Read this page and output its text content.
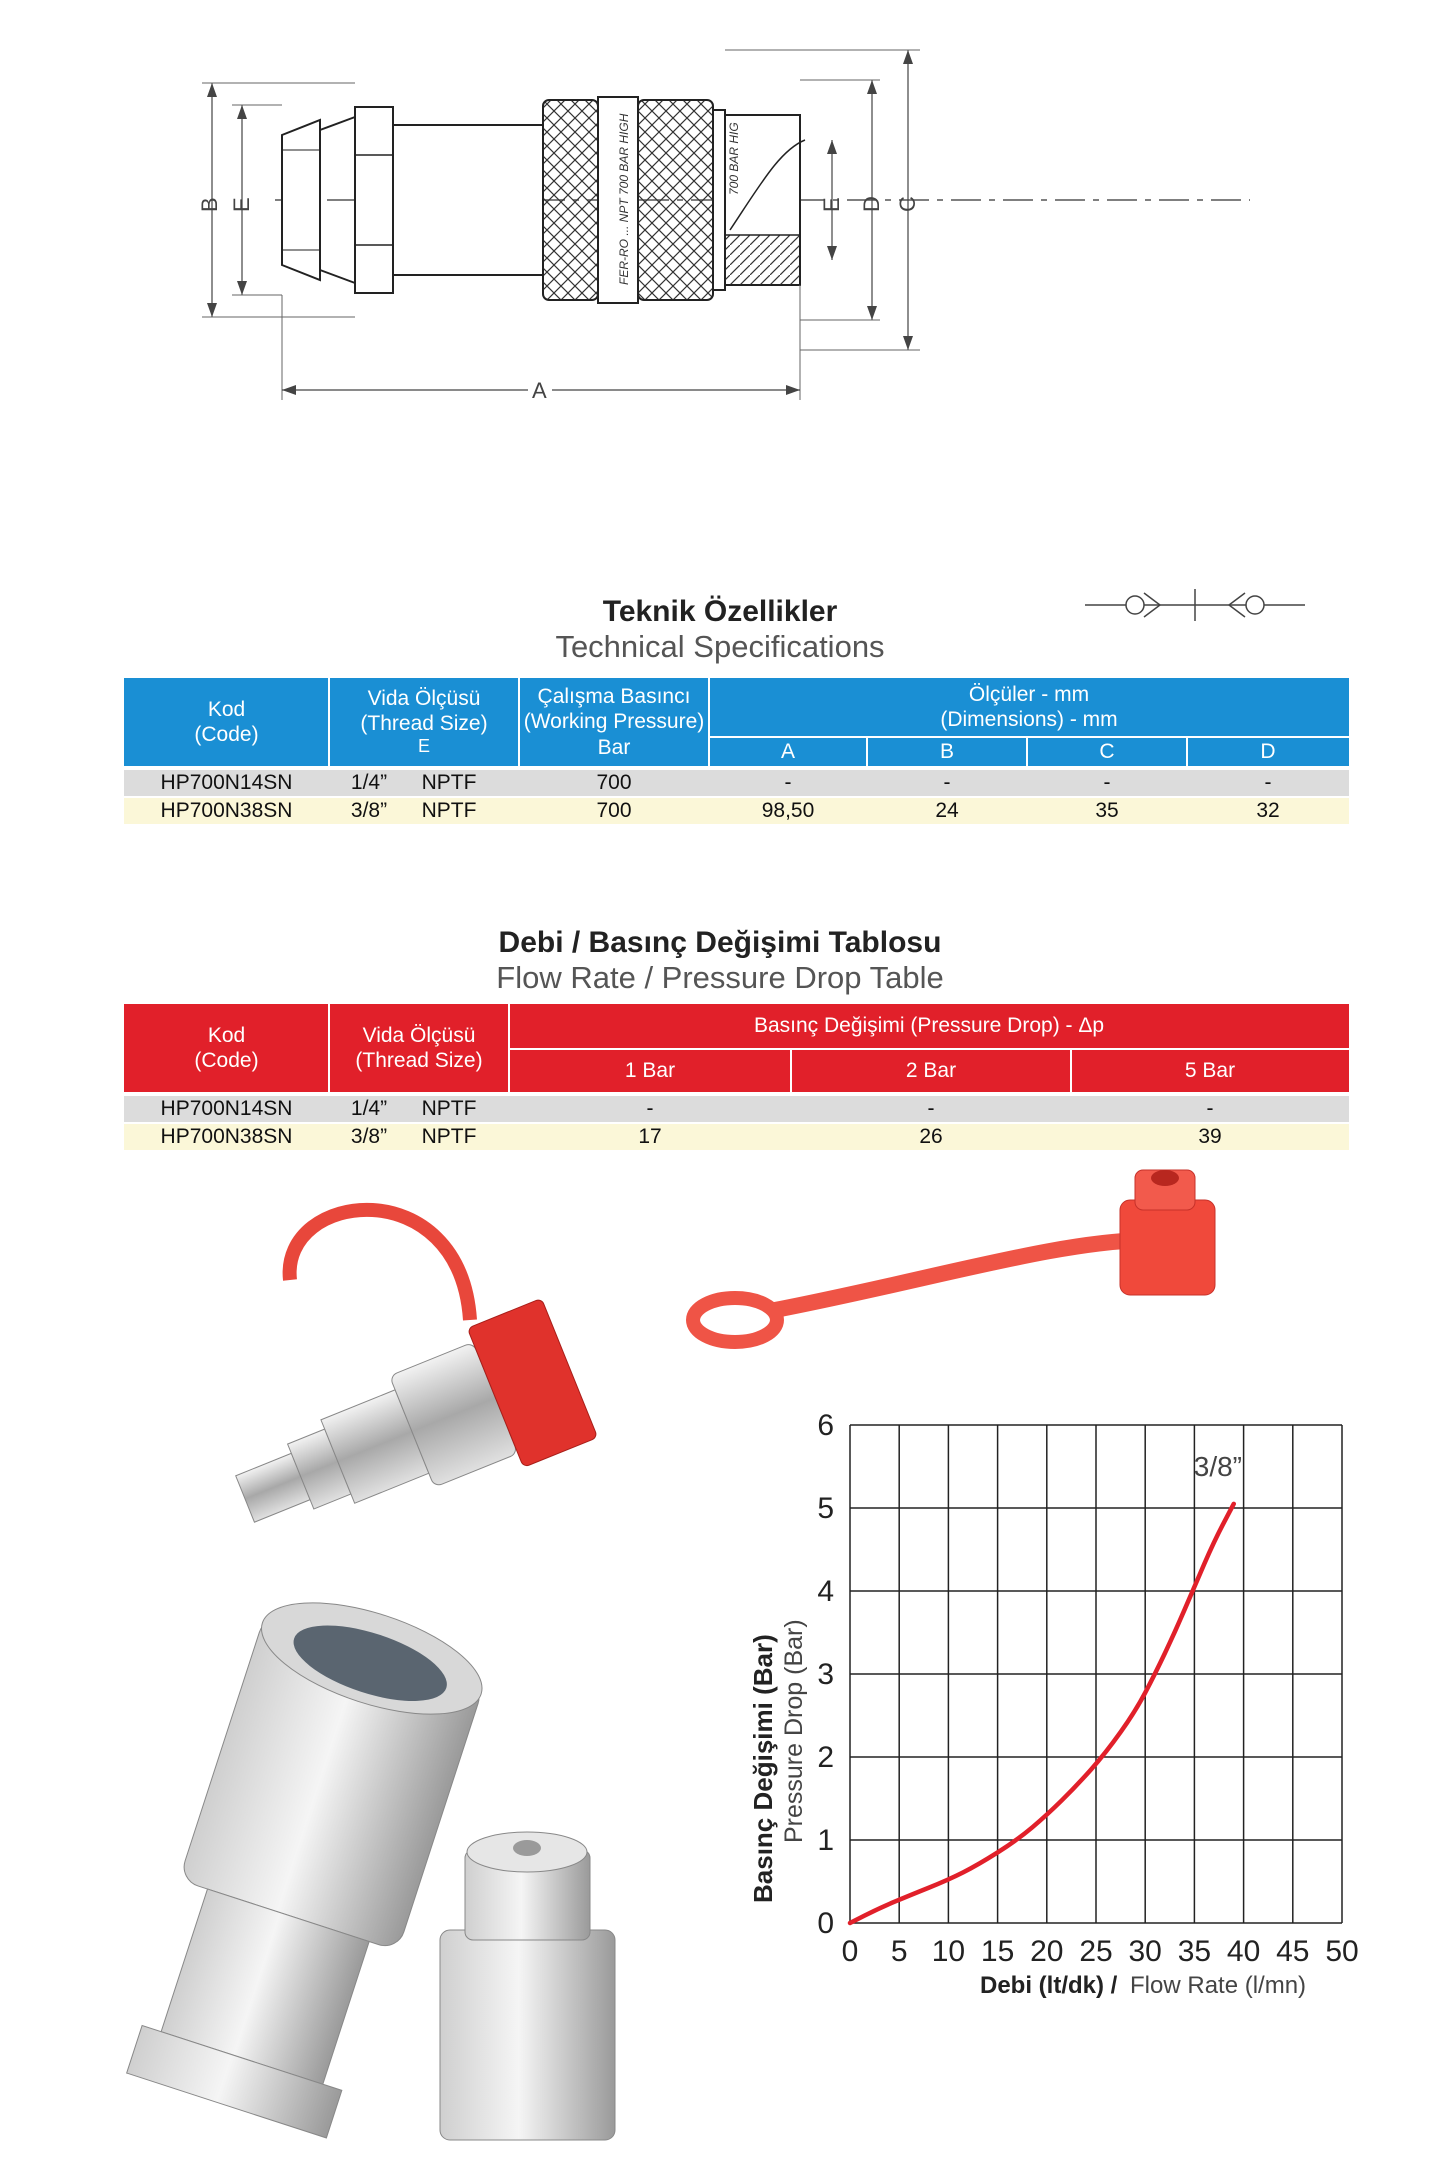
FER-RO ... NPT 700 BAR HIGH	700 BAR HIG
B E	C
D
E
A
Teknik Özellikler
Technical Specifications
Kod
(Code)
Vida Ölçüsü
(Thread Size)
E
Çalışma Basıncı
(Working Pressure)
Bar
Ölçüler - mm
(Dimensions) - mm
A	B	C	D
HP700N14SN	1/4”	NPTF	700	-	-	-	-
HP700N38SN	3/8”	NPTF	700	98,50	24	35	32
Debi / Basınç Değişimi Tablosu
Flow Rate / Pressure Drop Table
Kod
(Code)
Vida Ölçüsü
(Thread Size)
Basınç Değişimi (Pressure Drop) - Δp
1 Bar	2 Bar	5 Bar
HP700N14SN	1/4”	NPTF	-	-	-
HP700N38SN	3/8”	NPTF	17	26	39
0 5 10 15 20 25 30 35 40 45 50
0
1
2
3
4
5
6
3/8”
Debi (lt/dk) / Flow Rate (l/mn)
Basınç Değişimi (Bar) Pressure Drop (Bar)
